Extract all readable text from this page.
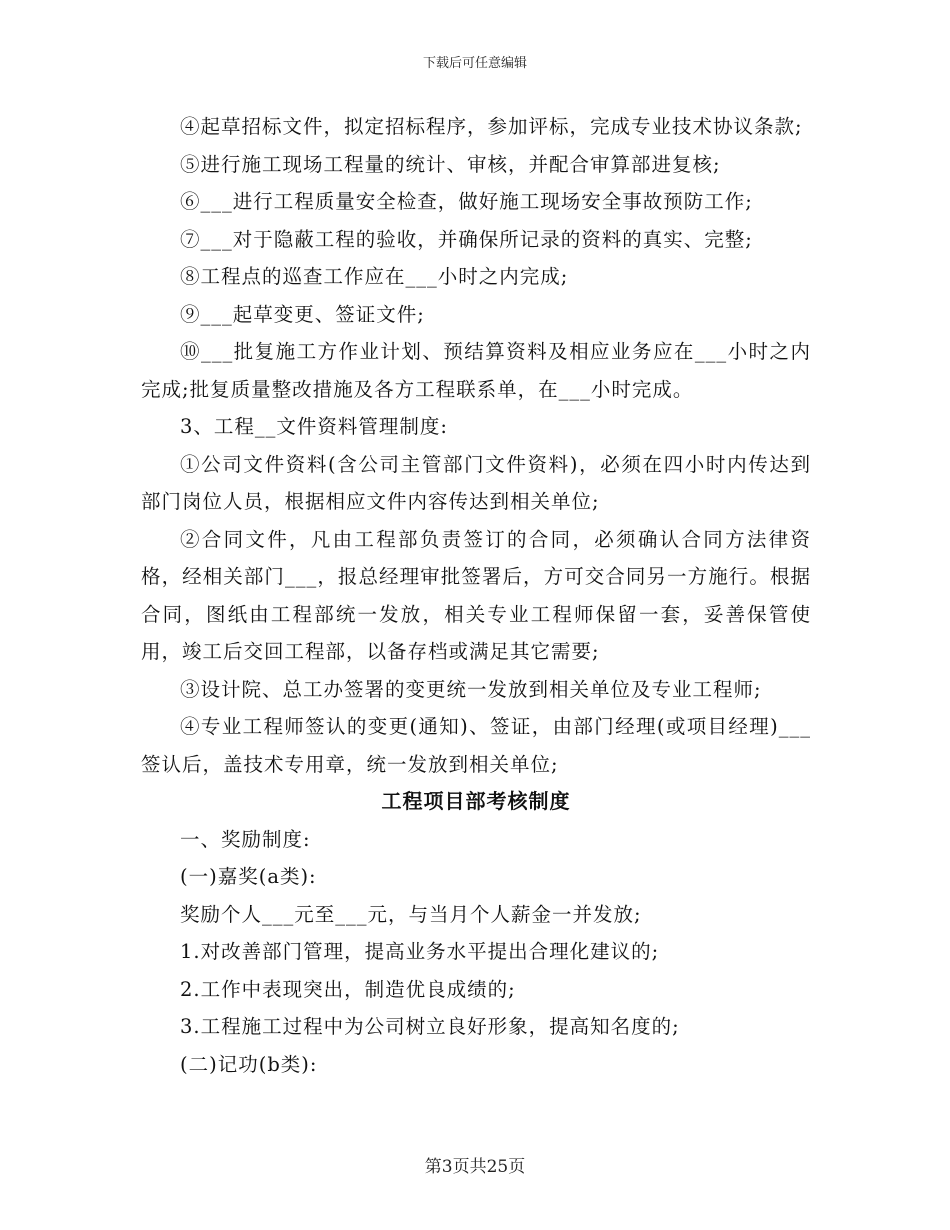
下载后可任意编辑

④起草招标文件，拟定招标程序，参加评标，完成专业技术协议条款;

⑤进行施工现场工程量的统计、审核，并配合审算部进复核;

⑥___进行工程质量安全检查，做好施工现场安全事故预防工作;

⑦___对于隐蔽工程的验收，并确保所记录的资料的真实、完整;

⑧工程点的巡查工作应在___小时之内完成;

⑨___起草变更、签证文件;

⑩___批复施工方作业计划、预结算资料及相应业务应在___小时之内完成;批复质量整改措施及各方工程联系单，在___小时完成。

3、工程__文件资料管理制度:

①公司文件资料(含公司主管部门文件资料)，必须在四小时内传达到部门岗位人员，根据相应文件内容传达到相关单位;

②合同文件，凡由工程部负责签订的合同，必须确认合同方法律资格，经相关部门___，报总经理审批签署后，方可交合同另一方施行。根据合同，图纸由工程部统一发放，相关专业工程师保留一套，妥善保管使用，竣工后交回工程部，以备存档或满足其它需要;

③设计院、总工办签署的变更统一发放到相关单位及专业工程师;

④专业工程师签认的变更(通知)、签证，由部门经理(或项目经理)___签认后，盖技术专用章，统一发放到相关单位;

工程项目部考核制度

一、奖励制度:

(一)嘉奖(a类):

奖励个人___元至___元，与当月个人薪金一并发放;

1.对改善部门管理，提高业务水平提出合理化建议的;

2.工作中表现突出，制造优良成绩的;

3.工程施工过程中为公司树立良好形象，提高知名度的;

(二)记功(b类):

第3页共25页
